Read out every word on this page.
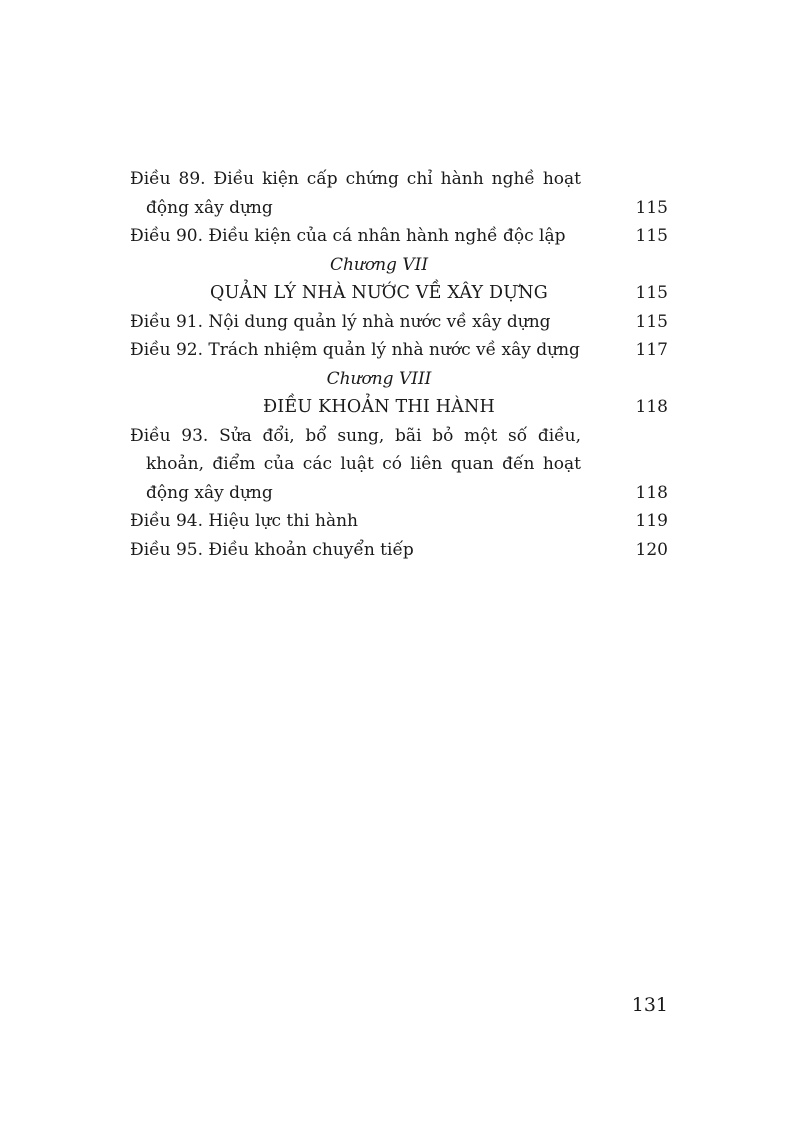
Điều 89. Điều kiện cấp chứng chỉ hành nghề hoạt
động xây dựng	115
Điều 90. Điều kiện của cá nhân hành nghề độc lập	115
Chương VII
QUẢN LÝ NHÀ NƯỚC VỀ XÂY DỰNG	115
Điều 91. Nội dung quản lý nhà nước về xây dựng	115
Điều 92. Trách nhiệm quản lý nhà nước về xây dựng	117
Chương VIII
ĐIỀU KHOẢN THI HÀNH	118
Điều 93. Sửa đổi, bổ sung, bãi bỏ một số điều,
khoản, điểm của các luật có liên quan đến hoạt
động xây dựng	118
Điều 94. Hiệu lực thi hành	119
Điều 95. Điều khoản chuyển tiếp	120
131
